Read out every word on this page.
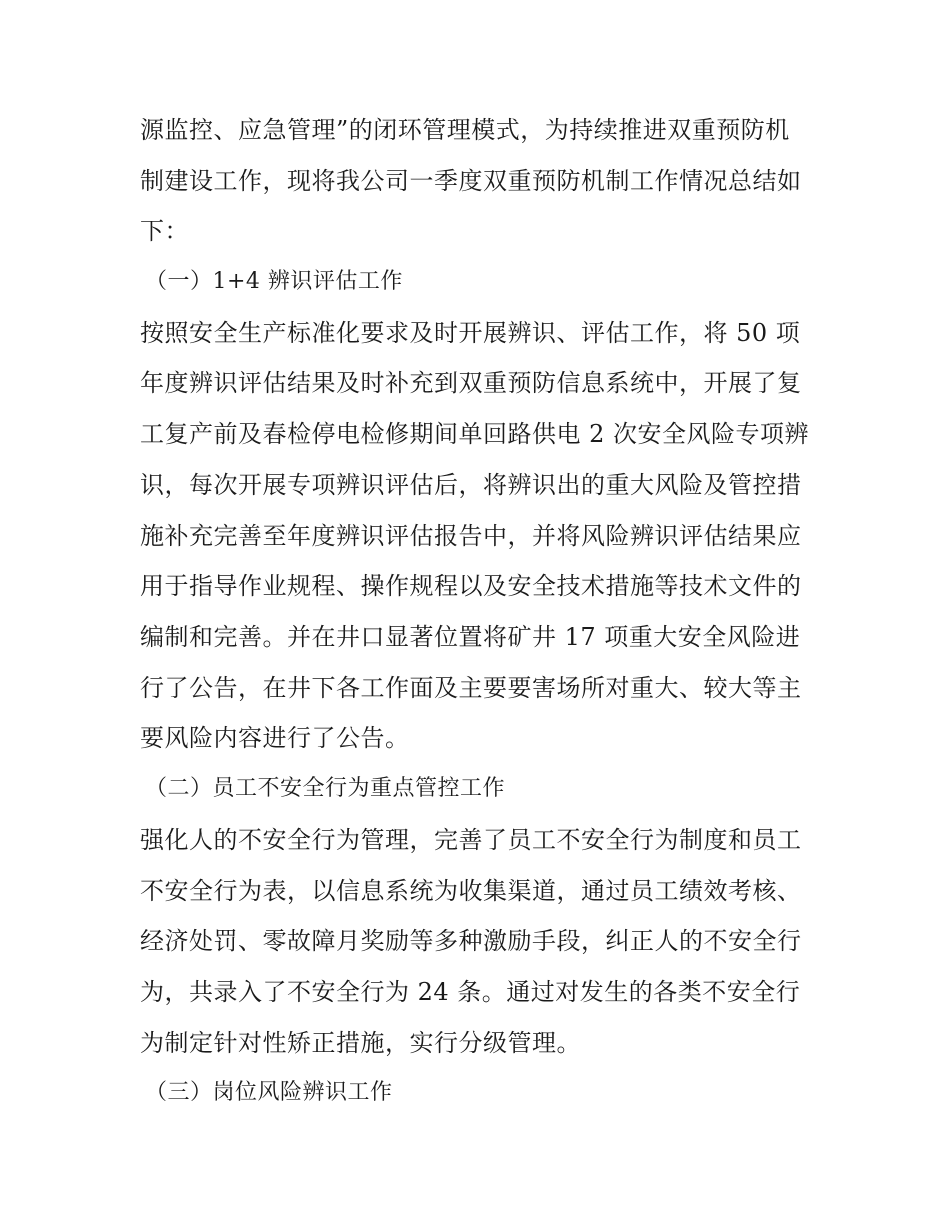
源监控、应急管理”的闭环管理模式，为持续推进双重预防机
制建设工作，现将我公司一季度双重预防机制工作情况总结如
下：
（一）1+4 辨识评估工作
按照安全生产标准化要求及时开展辨识、评估工作，将 50 项
年度辨识评估结果及时补充到双重预防信息系统中，开展了复
工复产前及春检停电检修期间单回路供电 2 次安全风险专项辨
识，每次开展专项辨识评估后，将辨识出的重大风险及管控措
施补充完善至年度辨识评估报告中，并将风险辨识评估结果应
用于指导作业规程、操作规程以及安全技术措施等技术文件的
编制和完善。并在井口显著位置将矿井 17 项重大安全风险进
行了公告，在井下各工作面及主要要害场所对重大、较大等主
要风险内容进行了公告。
（二）员工不安全行为重点管控工作
强化人的不安全行为管理，完善了员工不安全行为制度和员工
不安全行为表，以信息系统为收集渠道，通过员工绩效考核、
经济处罚、零故障月奖励等多种激励手段，纠正人的不安全行
为，共录入了不安全行为 24 条。通过对发生的各类不安全行
为制定针对性矫正措施，实行分级管理。
（三）岗位风险辨识工作
